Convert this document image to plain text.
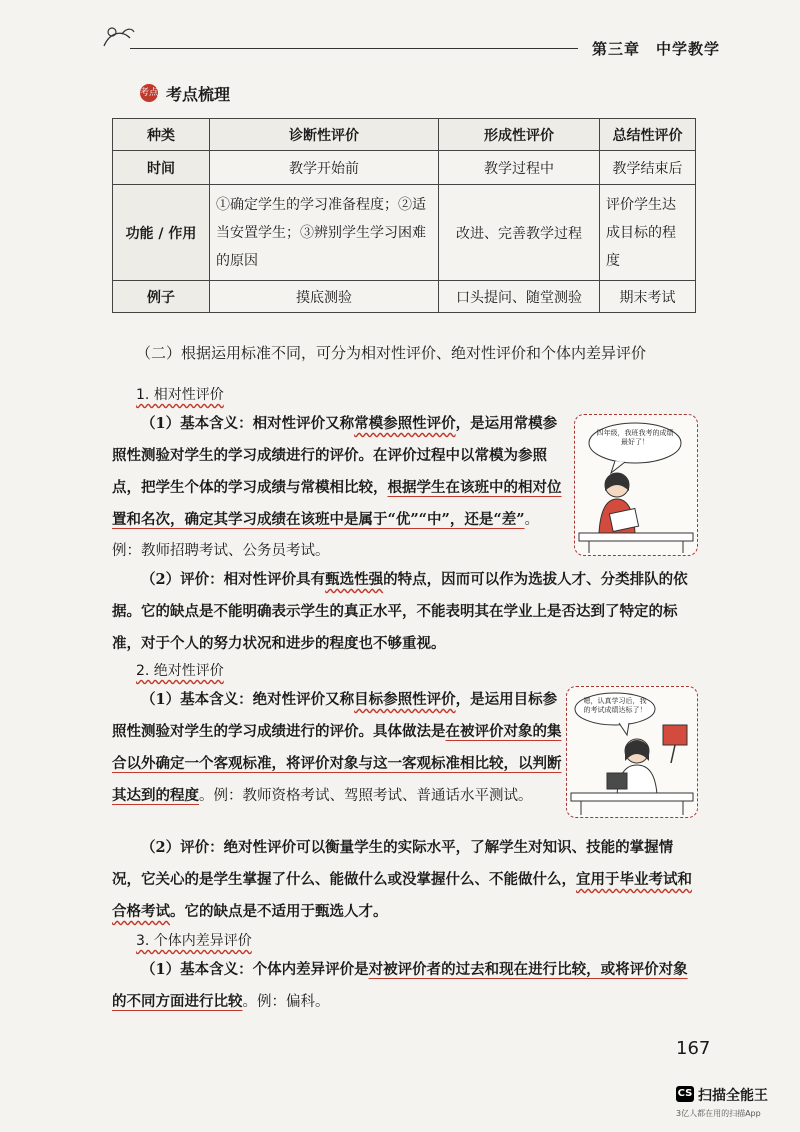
第三章　中学教学
考点 考点梳理
种类	诊断性评价	形成性评价	总结性评价
时间	教学开始前	教学过程中	教学结束后
功能 / 作用	①确定学生的学习准备程度；②适当安置学生；③辨别学生学习困难的原因	改进、完善教学过程	评价学生达成目标的程度
例子	摸底测验	口头提问、随堂测验	期末考试
（二）根据运用标准不同，可分为相对性评价、绝对性评价和个体内差异评价
1. 相对性评价
（1）基本含义：相对性评价又称常模参照性评价，是运用常模参照性测验对学生的学习成绩进行的评价。在评价过程中以常模为参照点，把学生个体的学习成绩与常模相比较，根据学生在该班中的相对位置和名次，确定其学习成绩在该班中是属于“优”“中”，还是“差”。例：教师招聘考试、公务员考试。
四年级，我班我考的成绩最好了！
（2）评价：相对性评价具有甄选性强的特点，因而可以作为选拔人才、分类排队的依据。它的缺点是不能明确表示学生的真正水平，不能表明其在学业上是否达到了特定的标准，对于个人的努力状况和进步的程度也不够重视。
2. 绝对性评价
（1）基本含义：绝对性评价又称目标参照性评价，是运用目标参照性测验对学生的学习成绩进行的评价。具体做法是在被评价对象的集合以外确定一个客观标准，将评价对象与这一客观标准相比较，以判断其达到的程度。例：教师资格考试、驾照考试、普通话水平测试。
嗯，认真学习后，我的考试成绩达标了！
（2）评价：绝对性评价可以衡量学生的实际水平，了解学生对知识、技能的掌握情况，它关心的是学生掌握了什么、能做什么或没掌握什么、不能做什么，宜用于毕业考试和合格考试。它的缺点是不适用于甄选人才。
3. 个体内差异评价
（1）基本含义：个体内差异评价是对被评价者的过去和现在进行比较，或将评价对象的不同方面进行比较。例：偏科。
167
CS 扫描全能王
3亿人都在用的扫描App
